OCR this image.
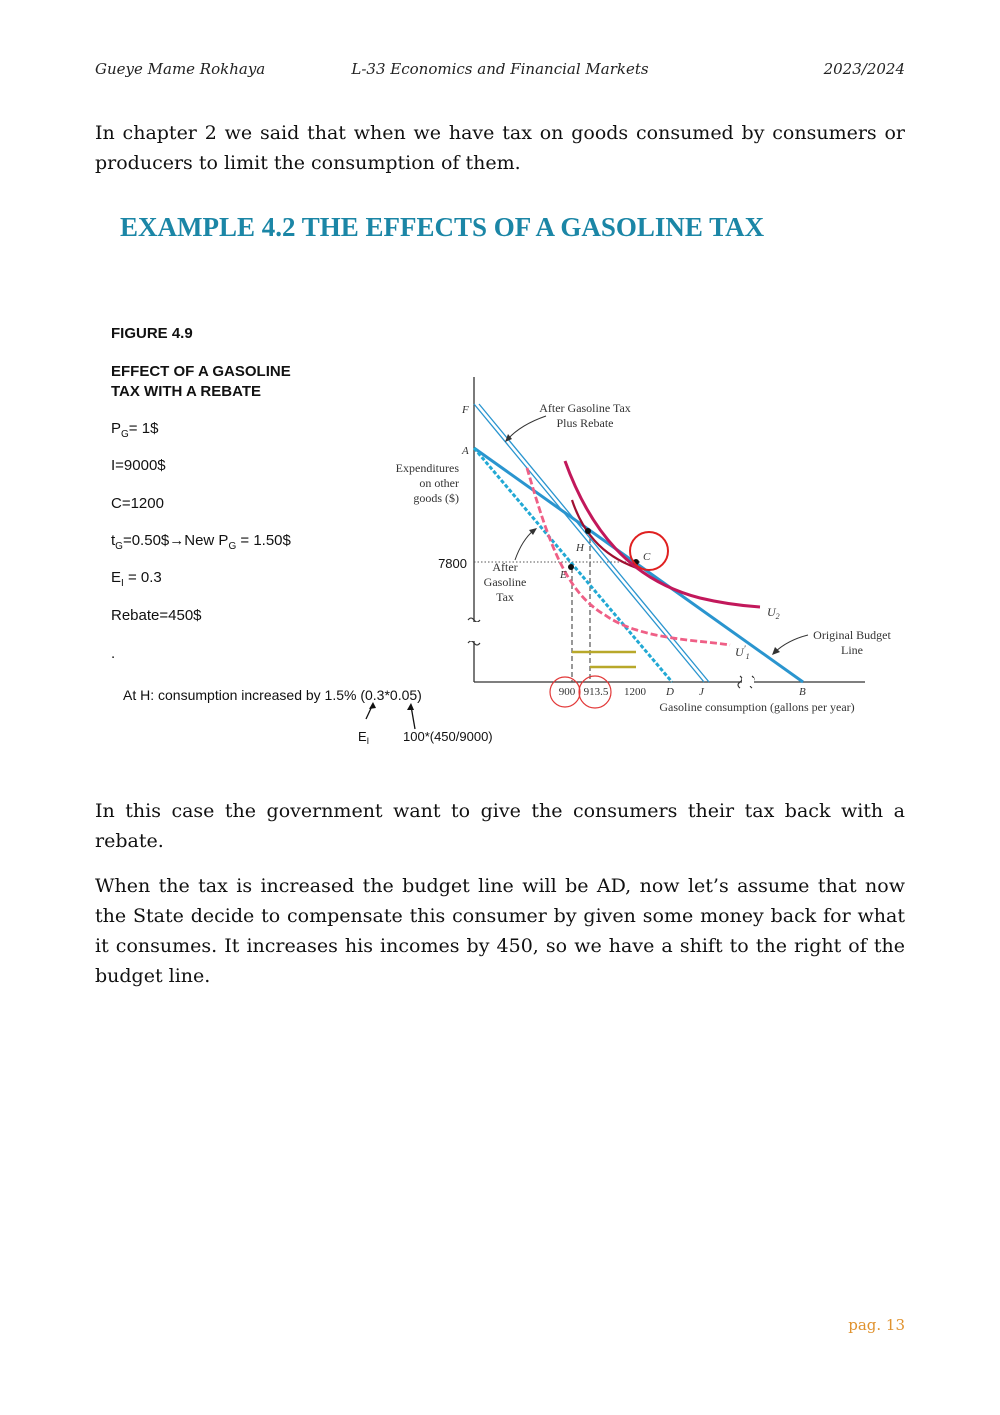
Gueye Mame Rokhaya	L-33 Economics and Financial Markets	2023/2024

In chapter 2 we said that when we have tax on goods consumed by consumers or producers to limit the consumption of them.

EXAMPLE 4.2 THE EFFECTS OF A GASOLINE TAX
FIGURE 4.9
EFFECT OF A GASOLINE
TAX WITH A REBATE
$P_G=$ 1$
I=9000$
C=1200
$t_G=0.50\$\to New$ $P_G$ = 1.50$
$E_I = 0.3$
Rebate=450$
.
At H: consumption increased by 1.5% (0.3*0.05)
$E_I$	100*(450/9000)
Expenditures
on other
goods ($)
7800
F
A
H
E
C
D J	B
$U_2$
$U'_1$
After Gasoline Tax
Plus Rebate
After
Gasoline
Tax
Original Budget
Line
900 913.5 1200
Gasoline consumption (gallons per year)

In this case the government want to give the consumers their tax back with a rebate.

When the tax is increased the budget line will be AD, now let’s assume that now the State decide to compensate this consumer by given some money back for what it consumes. It increases his incomes by 450, so we have a shift to the right of the budget line.

pag. 13
